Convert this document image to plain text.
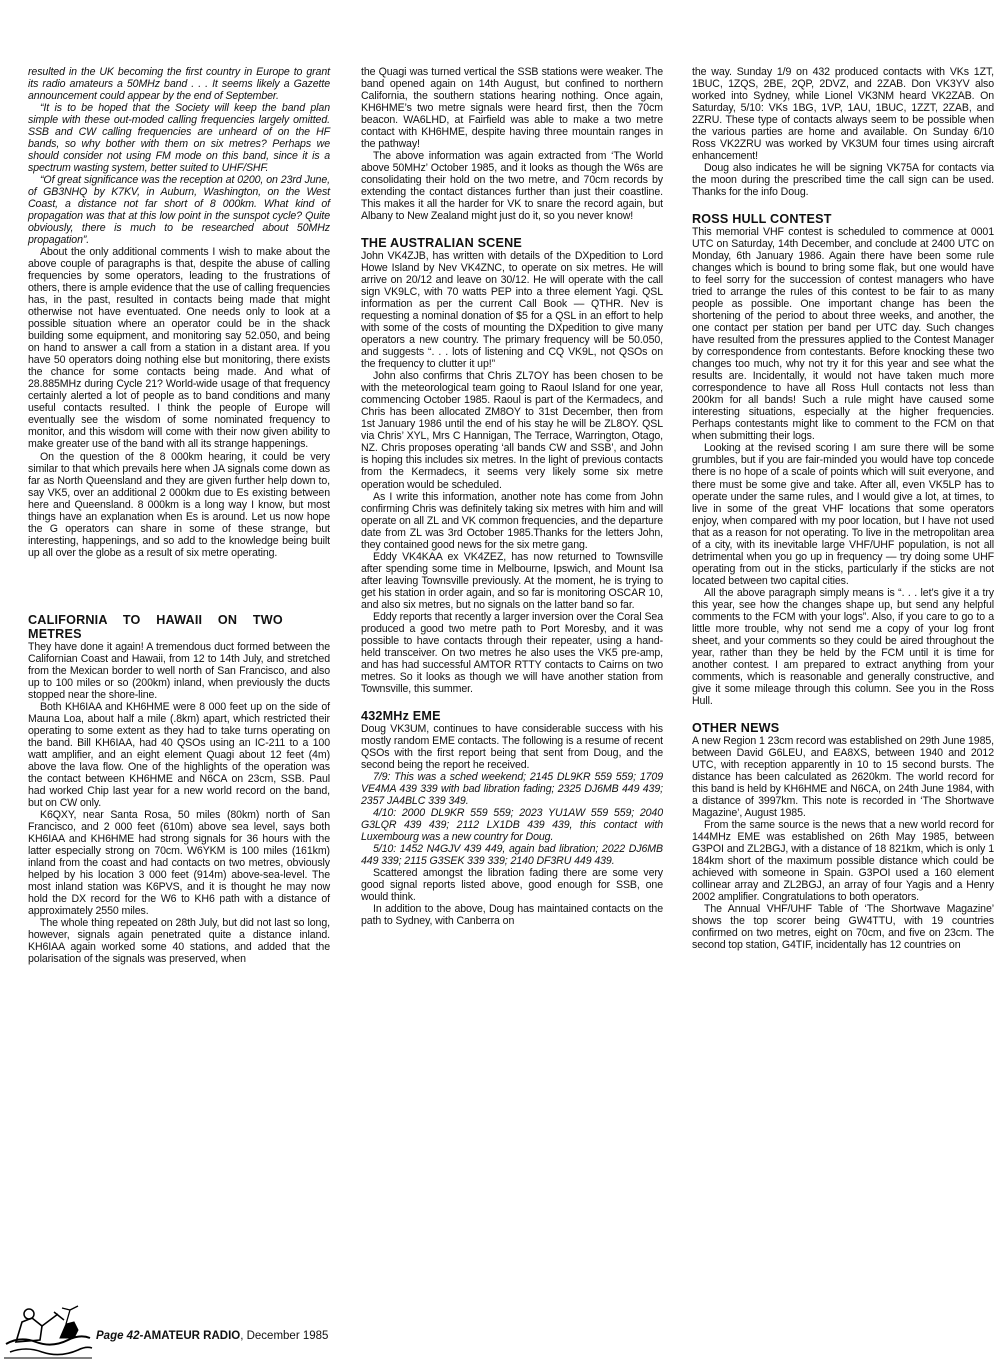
resulted in the UK becoming the first country in Europe to grant its radio amateurs a 50MHz band . . . It seems likely a Gazette announcement could appear by the end of September.

“It is to be hoped that the Society will keep the band plan simple with these out-moded calling frequencies largely omitted. SSB and CW calling frequencies are unheard of on the HF bands, so why bother with them on six metres? Perhaps we should consider not using FM mode on this band, since it is a spectrum wasting system, better suited to UHF/SHF.

“Of great significance was the reception at 0200, on 23rd June, of GB3NHQ by K7KV, in Auburn, Washington, on the West Coast, a distance not far short of 8 000km. What kind of propagation was that at this low point in the sunspot cycle? Quite obviously, there is much to be researched about 50MHz propagation”.

About the only additional comments I wish to make about the above couple of paragraphs is that, despite the abuse of calling frequencies by some operators, leading to the frustrations of others, there is ample evidence that the use of calling frequencies has, in the past, resulted in contacts being made that might otherwise not have eventuated. One needs only to look at a possible situation where an operator could be in the shack building some equipment, and monitoring say 52.050, and being on hand to answer a call from a station in a distant area. If you have 50 operators doing nothing else but monitoring, there exists the chance for some contacts being made. And what of 28.885MHz during Cycle 21? World-wide usage of that frequency certainly alerted a lot of people as to band conditions and many useful contacts resulted. I think the people of Europe will eventually see the wisdom of some nominated frequency to monitor, and this wisdom will come with their now given ability to make greater use of the band with all its strange happenings.

On the question of the 8 000km hearing, it could be very similar to that which prevails here when JA signals come down as far as North Queensland and they are given further help down to, say VK5, over an additional 2 000km due to Es existing between here and Queensland. 8 000km is a long way I know, but most things have an explanation when Es is around. Let us now hope the G operators can share in some of these strange, but interesting, happenings, and so add to the knowledge being built up all over the globe as a result of six metre operating.

CALIFORNIA TO HAWAII ON TWO METRES

They have done it again! A tremendous duct formed between the Californian Coast and Hawaii, from 12 to 14th July, and stretched from the Mexican border to well north of San Francisco, and also up to 100 miles or so (200km) inland, when previously the ducts stopped near the shore-line.

Both KH6IAA and KH6HME were 8 000 feet up on the side of Mauna Loa, about half a mile (.8km) apart, which restricted their operating to some extent as they had to take turns operating on the band. Bill KH6IAA, had 40 QSOs using an IC-211 to a 100 watt amplifier, and an eight element Quagi about 12 feet (4m) above the lava flow. One of the highlights of the operation was the contact between KH6HME and N6CA on 23cm, SSB. Paul had worked Chip last year for a new world record on the band, but on CW only.

K6QXY, near Santa Rosa, 50 miles (80km) north of San Francisco, and 2 000 feet (610m) above sea level, says both KH6IAA and KH6HME had strong signals for 36 hours with the latter especially strong on 70cm. W6YKM is 100 miles (161km) inland from the coast and had contacts on two metres, obviously helped by his location 3 000 feet (914m) above-sea-level. The most inland station was K6PVS, and it is thought he may now hold the DX record for the W6 to KH6 path with a distance of approximately 2550 miles.

The whole thing repeated on 28th July, but did not last so long, however, signals again penetrated quite a distance inland. KH6IAA again worked some 40 stations, and added that the polarisation of the signals was preserved, when

the Quagi was turned vertical the SSB stations were weaker. The band opened again on 14th August, but confined to northern California, the southern stations hearing nothing. Once again, KH6HME’s two metre signals were heard first, then the 70cm beacon. WA6LHD, at Fairfield was able to make a two metre contact with KH6HME, despite having three mountain ranges in the pathway!

The above information was again extracted from ‘The World above 50MHz’ October 1985, and it looks as though the W6s are consolidating their hold on the two metre, and 70cm records by extending the contact distances further than just their coastline. This makes it all the harder for VK to snare the record again, but Albany to New Zealand might just do it, so you never know!

THE AUSTRALIAN SCENE

John VK4ZJB, has written with details of the DXpedition to Lord Howe Island by Nev VK4ZNC, to operate on six metres. He will arrive on 20/12 and leave on 30/12. He will operate with the call sign VK9LC, with 70 watts PEP into a three element Yagi. QSL information as per the current Call Book — QTHR. Nev is requesting a nominal donation of $5 for a QSL in an effort to help with some of the costs of mounting the DXpedition to give many operators a new country. The primary frequency will be 50.050, and suggests “. . . lots of listening and CQ VK9L, not QSOs on the frequency to clutter it up!”

John also confirms that Chris ZL7OY has been chosen to be with the meteorological team going to Raoul Island for one year, commencing October 1985. Raoul is part of the Kermadecs, and Chris has been allocated ZM8OY to 31st December, then from 1st January 1986 until the end of his stay he will be ZL8OY. QSL via Chris’ XYL, Mrs C Hannigan, The Terrace, Warrington, Otago, NZ. Chris proposes operating ‘all bands CW and SSB’, and John is hoping this includes six metres. In the light of previous contacts from the Kermadecs, it seems very likely some six metre operation would be scheduled.

As I write this information, another note has come from John confirming Chris was definitely taking six metres with him and will operate on all ZL and VK common frequencies, and the departure date from ZL was 3rd October 1985.Thanks for the letters John, they contained good news for the six metre gang.

Eddy VK4KAA ex VK4ZEZ, has now returned to Townsville after spending some time in Melbourne, Ipswich, and Mount Isa after leaving Townsville previously. At the moment, he is trying to get his station in order again, and so far is monitoring OSCAR 10, and also six metres, but no signals on the latter band so far.

Eddy reports that recently a larger inversion over the Coral Sea produced a good two metre path to Port Moresby, and it was possible to have contacts through their repeater, using a hand-held transceiver. On two metres he also uses the VK5 pre-amp, and has had successful AMTOR RTTY contacts to Cairns on two metres. So it looks as though we will have another station from Townsville, this summer.

432MHz EME

Doug VK3UM, continues to have considerable success with his mostly random EME contacts. The following is a resume of recent QSOs with the first report being that sent from Doug, and the second being the report he received.

7/9: This was a sched weekend; 2145 DL9KR 559 559; 1709 VE4MA 439 339 with bad libration fading; 2325 DJ6MB 449 439; 2357 JA4BLC 339 349.

4/10: 2000 DL9KR 559 559; 2023 YU1AW 559 559; 2040 G3LQR 439 439; 2112 LX1DB 439 439, this contact with Luxembourg was a new country for Doug.

5/10: 1452 N4GJV 439 449, again bad libration; 2022 DJ6MB 449 339; 2115 G3SEK 339 339; 2140 DF3RU 449 439.

Scattered amongst the libration fading there are some very good signal reports listed above, good enough for SSB, one would think.

In addition to the above, Doug has maintained contacts on the path to Sydney, with Canberra on

the way. Sunday 1/9 on 432 produced contacts with VKs 1ZT, 1BUC, 1ZQS, 2BE, 2QP, 2DVZ, and 2ZAB. Don VK3YV also worked into Sydney, while Lionel VK3NM heard VK2ZAB. On Saturday, 5/10: VKs 1BG, 1VP, 1AU, 1BUC, 1ZZT, 2ZAB, and 2ZRU. These type of contacts always seem to be possible when the various parties are home and available. On Sunday 6/10 Ross VK2ZRU was worked by VK3UM four times using aircraft enhancement!

Doug also indicates he will be signing VK75A for contacts via the moon during the prescribed time the call sign can be used. Thanks for the info Doug.

ROSS HULL CONTEST

This memorial VHF contest is scheduled to commence at 0001 UTC on Saturday, 14th December, and conclude at 2400 UTC on Monday, 6th January 1986. Again there have been some rule changes which is bound to bring some flak, but one would have to feel sorry for the succession of contest managers who have tried to arrange the rules of this contest to be fair to as many people as possible. One important change has been the shortening of the period to about three weeks, and another, the one contact per station per band per UTC day. Such changes have resulted from the pressures applied to the Contest Manager by correspondence from contestants. Before knocking these two changes too much, why not try it for this year and see what the results are. Incidentally, it would not have taken much more correspondence to have all Ross Hull contacts not less than 200km for all bands! Such a rule might have caused some interesting situations, especially at the higher frequencies. Perhaps contestants might like to comment to the FCM on that when submitting their logs.

Looking at the revised scoring I am sure there will be some grumbles, but if you are fair-minded you would have top concede there is no hope of a scale of points which will suit everyone, and there must be some give and take. After all, even VK5LP has to operate under the same rules, and I would give a lot, at times, to live in some of the great VHF locations that some operators enjoy, when compared with my poor location, but I have not used that as a reason for not operating. To live in the metropolitan area of a city, with its inevitable large VHF/UHF population, is not all detrimental when you go up in frequency — try doing some UHF operating from out in the sticks, particularly if the sticks are not located between two capital cities.

All the above paragraph simply means is “. . . let’s give it a try this year, see how the changes shape up, but send any helpful comments to the FCM with your logs”. Also, if you care to go to a little more trouble, why not send me a copy of your log front sheet, and your comments so they could be aired throughout the year, rather than they be held by the FCM until it is time for another contest. I am prepared to extract anything from your comments, which is reasonable and generally constructive, and give it some mileage through this column. See you in the Ross Hull.

OTHER NEWS

A new Region 1 23cm record was established on 29th June 1985, between David G6LEU, and EA8XS, between 1940 and 2012 UTC, with reception apparently in 10 to 15 second bursts. The distance has been calculated as 2620km. The world record for this band is held by KH6HME and N6CA, on 24th June 1984, with a distance of 3997km. This note is recorded in ‘The Shortwave Magazine’, August 1985.

From the same source is the news that a new world record for 144MHz EME was established on 26th May 1985, between G3POI and ZL2BGJ, with a distance of 18 821km, which is only 1 184km short of the maximum possible distance which could be achieved with someone in Spain. G3POI used a 160 element collinear array and ZL2BGJ, an array of four Yagis and a Henry 2002 amplifier. Congratulations to both operators.

The Annual VHF/UHF Table of ‘The Shortwave Magazine’ shows the top scorer being GW4TTU, with 19 countries confirmed on two metres, eight on 70cm, and five on 23cm. The second top station, G4TIF, incidentally has 12 countries on

Page 42-AMATEUR RADIO, December 1985
